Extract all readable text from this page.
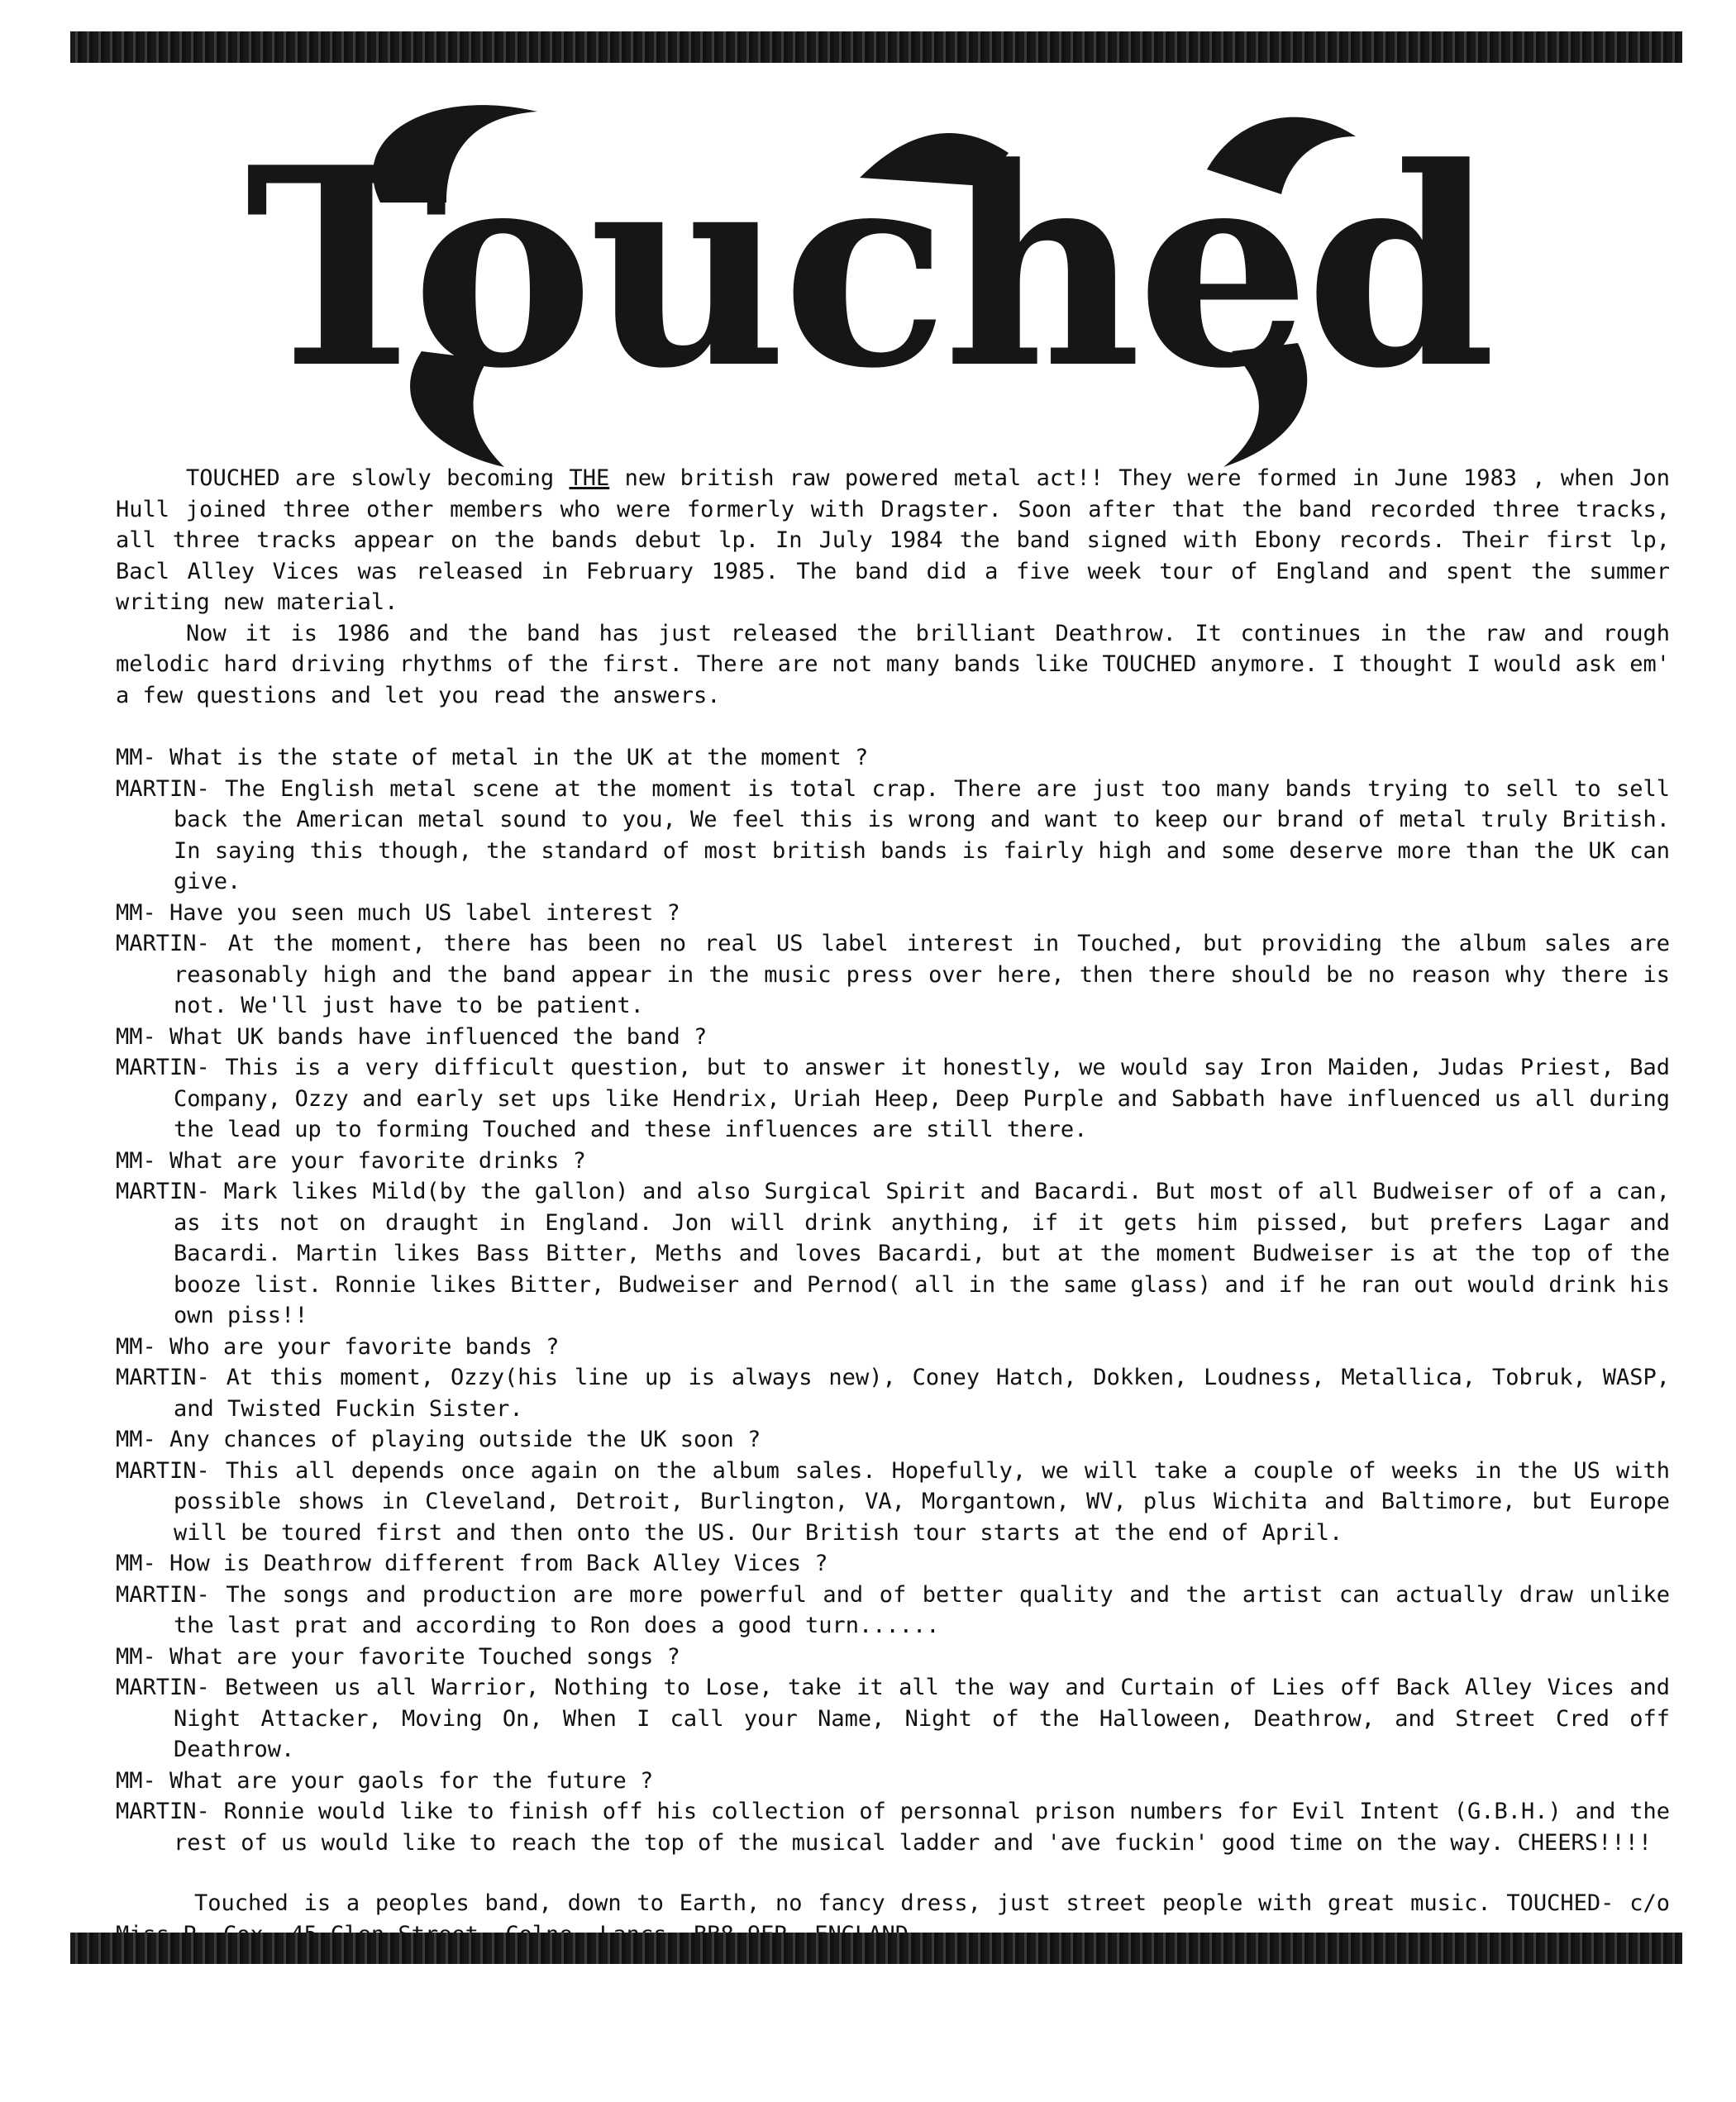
Touched

TOUCHED are slowly becoming THE new british raw powered metal act!! They were formed in June 1983 , when Jon Hull joined three other members who were formerly with Dragster. Soon after that the band recorded three tracks, all three tracks appear on the bands debut lp. In July 1984 the band signed with Ebony records. Their first lp, Bacl Alley Vices was released in February 1985. The band did a five week tour of England and spent the summer writing new material.

Now it is 1986 and the band has just released the brilliant Deathrow. It continues in the raw and rough melodic hard driving rhythms of the first. There are not many bands like TOUCHED anymore. I thought I would ask em' a few questions and let you read the answers.

MM- What is the state of metal in the UK at the moment ?

MARTIN- The English metal scene at the moment is total crap. There are just too many bands trying to sell to sell back the American metal sound to you, We feel this is wrong and want to keep our brand of metal truly British. In saying this though, the standard of most british bands is fairly high and some deserve more than the UK can give.

MM- Have you seen much US label interest ?

MARTIN- At the moment, there has been no real US label interest in Touched, but providing the album sales are reasonably high and the band appear in the music press over here, then there should be no reason why there is not. We'll just have to be patient.

MM- What UK bands have influenced the band ?

MARTIN- This is a very difficult question, but to answer it honestly, we would say Iron Maiden, Judas Priest, Bad Company, Ozzy and early set ups like Hendrix, Uriah Heep, Deep Purple and Sabbath have influenced us all during the lead up to forming Touched and these influences are still there.

MM- What are your favorite drinks ?

MARTIN- Mark likes Mild(by the gallon) and also Surgical Spirit and Bacardi. But most of all Budweiser of of a can, as its not on draught in England. Jon will drink anything, if it gets him pissed, but prefers Lagar and Bacardi. Martin likes Bass Bitter, Meths and loves Bacardi, but at the moment Budweiser is at the top of the booze list. Ronnie likes Bitter, Budweiser and Pernod( all in the same glass) and if he ran out would drink his own piss!!

MM- Who are your favorite bands ?

MARTIN- At this moment, Ozzy(his line up is always new), Coney Hatch, Dokken, Loudness, Metallica, Tobruk, WASP, and Twisted Fuckin Sister.

MM- Any chances of playing outside the UK soon ?

MARTIN- This all depends once again on the album sales. Hopefully, we will take a couple of weeks in the US with possible shows in Cleveland, Detroit, Burlington, VA, Morgantown, WV, plus Wichita and Baltimore, but Europe will be toured first and then onto the US. Our British tour starts at the end of April.

MM- How is Deathrow different from Back Alley Vices ?

MARTIN- The songs and production are more powerful and of better quality and the artist can actually draw unlike the last prat and according to Ron does a good turn......

MM- What are your favorite Touched songs ?

MARTIN- Between us all Warrior, Nothing to Lose, take it all the way and Curtain of Lies off Back Alley Vices and Night Attacker, Moving On, When I call your Name, Night of the Halloween, Deathrow, and Street Cred off Deathrow.

MM- What are your gaols for the future ?

MARTIN- Ronnie would like to finish off his collection of personnal prison numbers for Evil Intent (G.B.H.) and the rest of us would like to reach the top of the musical ladder and 'ave fuckin' good time on the way. CHEERS!!!!

Touched is a peoples band, down to Earth, no fancy dress, just street people with great music. TOUCHED- c/o
